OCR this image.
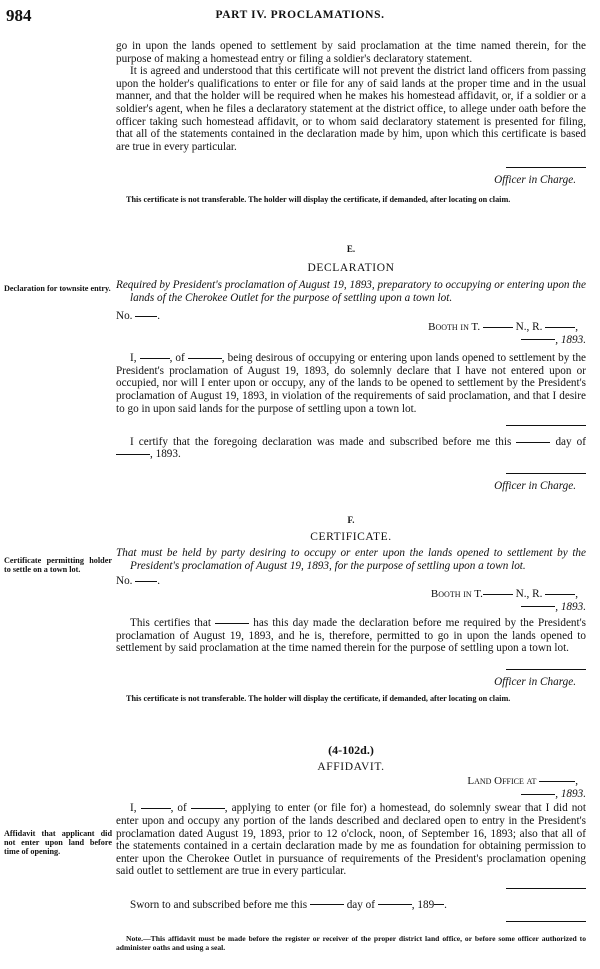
984	PART IV. PROCLAMATIONS.

go in upon the lands opened to settlement by said proclamation at the time named therein, for the purpose of making a homestead entry or filing a soldier's declaratory statement.

It is agreed and understood that this certificate will not prevent the district land officers from passing upon the holder's qualifications to enter or file for any of said lands at the proper time and in the usual manner, and that the holder will be required when he makes his homestead affidavit, or, if a soldier or a soldier's agent, when he files a declaratory statement at the district office, to allege under oath before the officer taking such homestead affidavit, or to whom said declaratory statement is presented for filing, that all of the statements contained in the declaration made by him, upon which this certificate is based are true in every particular.

Officer in Charge.

This certificate is not transferable. The holder will display the certificate, if demanded, after locating on claim.

Declaration for townsite entry.
E.
DECLARATION

Required by President's proclamation of August 19, 1893, preparatory to occupying or entering upon the lands of the Cherokee Outlet for the purpose of settling upon a town lot.

No. .
Booth in T.	N., R.	,
, 1893.

I,	, of	, being desirous of occupying or entering upon lands opened to settlement by the President's proclamation of August 19, 1893, do solemnly declare that I have not entered upon or occupied, nor will I enter upon or occupy, any of the lands to be opened to settlement by the President's proclamation of August 19, 1893, in violation of the requirements of said proclamation, and that I desire to go in upon said lands for the purpose of settling upon a town lot.

I certify that the foregoing declaration was made and subscribed before me this	day of , 1893.

Officer in Charge.
Certificate permitting holder to settle on a town lot.
F.
CERTIFICATE.

That must be held by party desiring to occupy or enter upon the lands opened to settlement by the President's proclamation of August 19, 1893, for the purpose of settling upon a town lot.

No. .
Booth in T.	N., R.	,
, 1893.

This certifies that	has this day made the declaration before me required by the President's proclamation of August 19, 1893, and he is, therefore, permitted to go in upon the lands opened to settlement by said proclamation at the time named therein for the purpose of settling upon a town lot.

Officer in Charge.

This certificate is not transferable. The holder will display the certificate, if demanded, after locating on claim.

Affidavit that applicant did not enter upon land before time of opening.
(4-102d.)
AFFIDAVIT.
Land Office at	,
, 1893.

I,	, of	, applying to enter (or file for) a homestead, do solemnly swear that I did not enter upon and occupy any portion of the lands described and declared open to entry in the President's proclamation dated August 19, 1893, prior to 12 o'clock, noon, of September 16, 1893; also that all of the statements contained in a certain declaration made by me as foundation for obtaining permission to enter upon the Cherokee Outlet in pursuance of requirements of the President's proclamation opening said outlet to settlement are true in every particular.

Sworn to and subscribed before me this	day of	, 189 .

Note.—This affidavit must be made before the register or receiver of the proper district land office, or before some officer authorized to administer oaths and using a seal.
